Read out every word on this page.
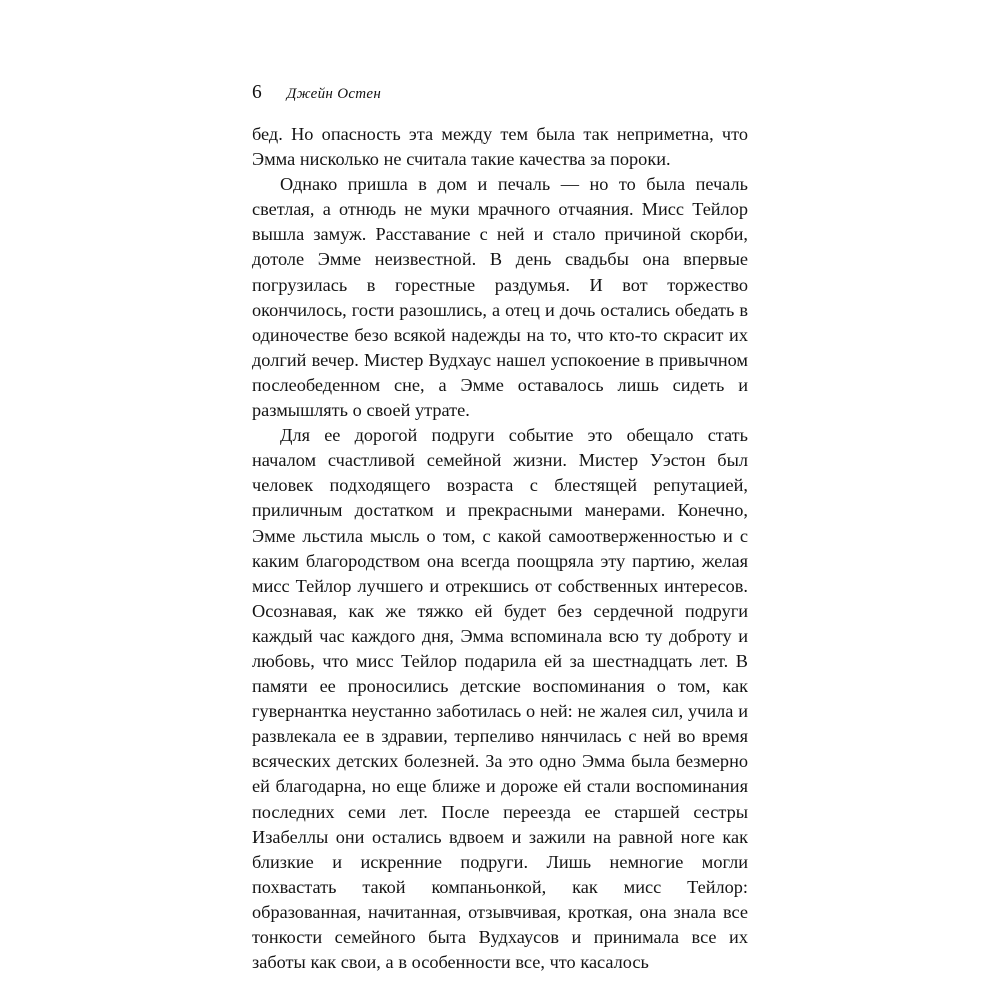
6 Джейн Остен

бед. Но опасность эта между тем была так неприметна, что Эмма нисколько не считала такие качества за пороки.

Однако пришла в дом и печаль — но то была печаль светлая, а отнюдь не муки мрачного отчаяния. Мисс Тейлор вышла замуж. Расставание с ней и стало причиной скорби, дотоле Эмме неизвестной. В день свадьбы она впервые погрузилась в горестные раздумья. И вот торжество окончилось, гости разошлись, а отец и дочь остались обедать в одиночестве безо всякой надежды на то, что кто-то скрасит их долгий вечер. Мистер Вудхаус нашел успокоение в привычном послеобеденном сне, а Эмме оставалось лишь сидеть и размышлять о своей утрате.

Для ее дорогой подруги событие это обещало стать началом счастливой семейной жизни. Мистер Уэстон был человек подходящего возраста с блестящей репутацией, приличным достатком и прекрасными манерами. Конечно, Эмме льстила мысль о том, с какой самоотверженностью и с каким благородством она всегда поощряла эту партию, желая мисс Тейлор лучшего и отрекшись от собственных интересов. Осознавая, как же тяжко ей будет без сердечной подруги каждый час каждого дня, Эмма вспоминала всю ту доброту и любовь, что мисс Тейлор подарила ей за шестнадцать лет. В памяти ее проносились детские воспоминания о том, как гувернантка неустанно заботилась о ней: не жалея сил, учила и развлекала ее в здравии, терпеливо нянчилась с ней во время всяческих детских болезней. За это одно Эмма была безмерно ей благодарна, но еще ближе и дороже ей стали воспоминания последних семи лет. После переезда ее старшей сестры Изабеллы они остались вдвоем и зажили на равной ноге как близкие и искренние подруги. Лишь немногие могли похвастать такой компаньонкой, как мисс Тейлор: образованная, начитанная, отзывчивая, кроткая, она знала все тонкости семейного быта Вудхаусов и принимала все их заботы как свои, а в особенности все, что касалось
